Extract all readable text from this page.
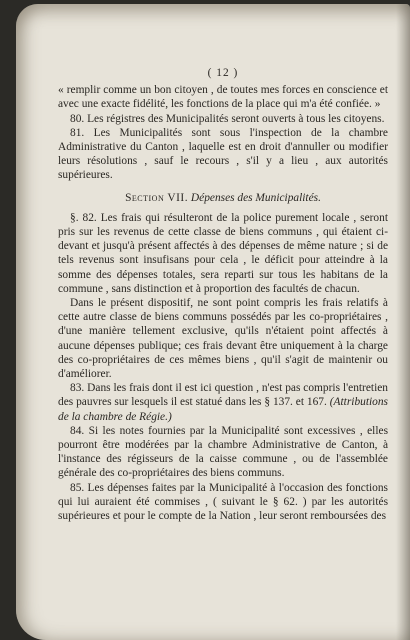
( 12 )

« remplir comme un bon citoyen , de toutes mes forces en conscience et avec une exacte fidélité, les fonctions de la place qui m'a été confiée. »

80. Les régistres des Municipalités seront ouverts à tous les citoyens.

81. Les Municipalités sont sous l'inspection de la chambre Administrative du Canton , laquelle est en droit d'annuller ou modifier leurs résolutions , sauf le recours , s'il y a lieu , aux autorités supérieures.

Section VII. Dépenses des Municipalités.

§. 82. Les frais qui résulteront de la police purement locale , seront pris sur les revenus de cette classe de biens communs , qui étaient ci-devant et jusqu'à présent affectés à des dépenses de même nature ; si de tels revenus sont insufisans pour cela , le déficit pour atteindre à la somme des dépenses totales, sera reparti sur tous les habitans de la commune , sans distinction et à proportion des facultés de chacun.

Dans le présent dispositif, ne sont point compris les frais relatifs à cette autre classe de biens communs possédés par les co-propriétaires , d'une manière tellement exclusive, qu'ils n'étaient point affectés à aucune dépenses publique; ces frais devant être uniquement à la charge des co-propriétaires de ces mêmes biens , qu'il s'agit de maintenir ou d'améliorer.

83. Dans les frais dont il est ici question , n'est pas compris l'entretien des pauvres sur lesquels il est statué dans les § 137. et 167. (Attributions de la chambre de Régie.)

84. Si les notes fournies par la Municipalité sont excessives , elles pourront être modérées par la chambre Administrative de Canton, à l'instance des régisseurs de la caisse commune , ou de l'assemblée générale des co-propriétaires des biens communs.

85. Les dépenses faites par la Municipalité à l'occasion des fonctions qui lui auraient été commises , ( suivant le § 62. ) par les autorités supérieures et pour le compte de la Nation , leur seront remboursées des
